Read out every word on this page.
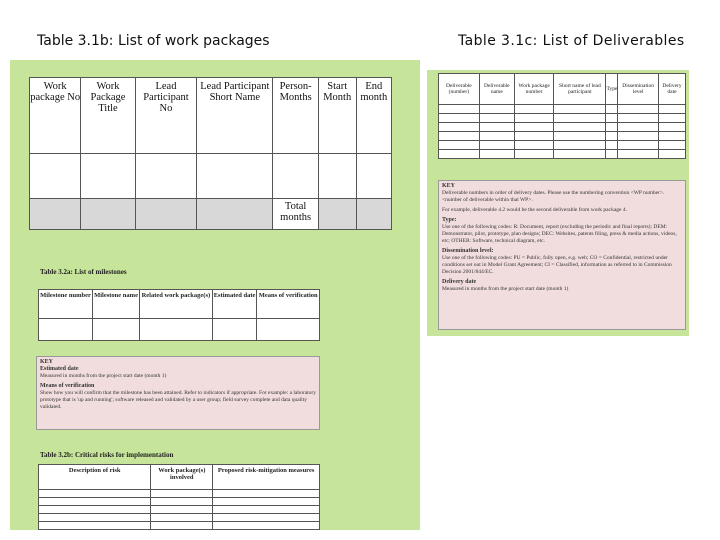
Table 3.1b: List of work packages	Table 3.1c: List of Deliverables
Work package No	Work Package Title	Lead Participant No	Lead Participant Short Name	Person-Months	Start Month	End month

				Total months		
Table 3.2a: List of milestones
Milestone number	Milestone name	Related work package(s)	Estimated date	Means of verification

KEY
Estimated date
Measured in months from the project start date (month 1)
Means of verification
Show how you will confirm that the milestone has been attained. Refer to indicators if appropriate. For example: a laboratory prototype that is 'up and running'; software released and validated by a user group; field survey complete and data quality validated.
Table 3.2b: Critical risks for implementation
Description of risk	Work package(s) involved	Proposed risk-mitigation measures

Deliverable (number)	Deliverable name	Work package number	Short name of lead participant	Type	Dissemination level	Delivery date

KEY
Deliverable numbers in order of delivery dates. Please use the numbering convention <WP number>.<number of deliverable within that WP>.
For example, deliverable 4.2 would be the second deliverable from work package 4.
Type:
Use one of the following codes: R: Document, report (excluding the periodic and final reports); DEM: Demonstrator, pilot, prototype, plan designs; DEC: Websites, patents filing, press & media actions, videos, etc; OTHER: Software, technical diagram, etc.
Dissemination level:
Use one of the following codes: PU = Public, fully open, e.g. web; CO = Confidential, restricted under conditions set out in Model Grant Agreement; CI = Classified, information as referred to in Commission Decision 2001/844/EC.
Delivery date
Measured in months from the project start date (month 1)
